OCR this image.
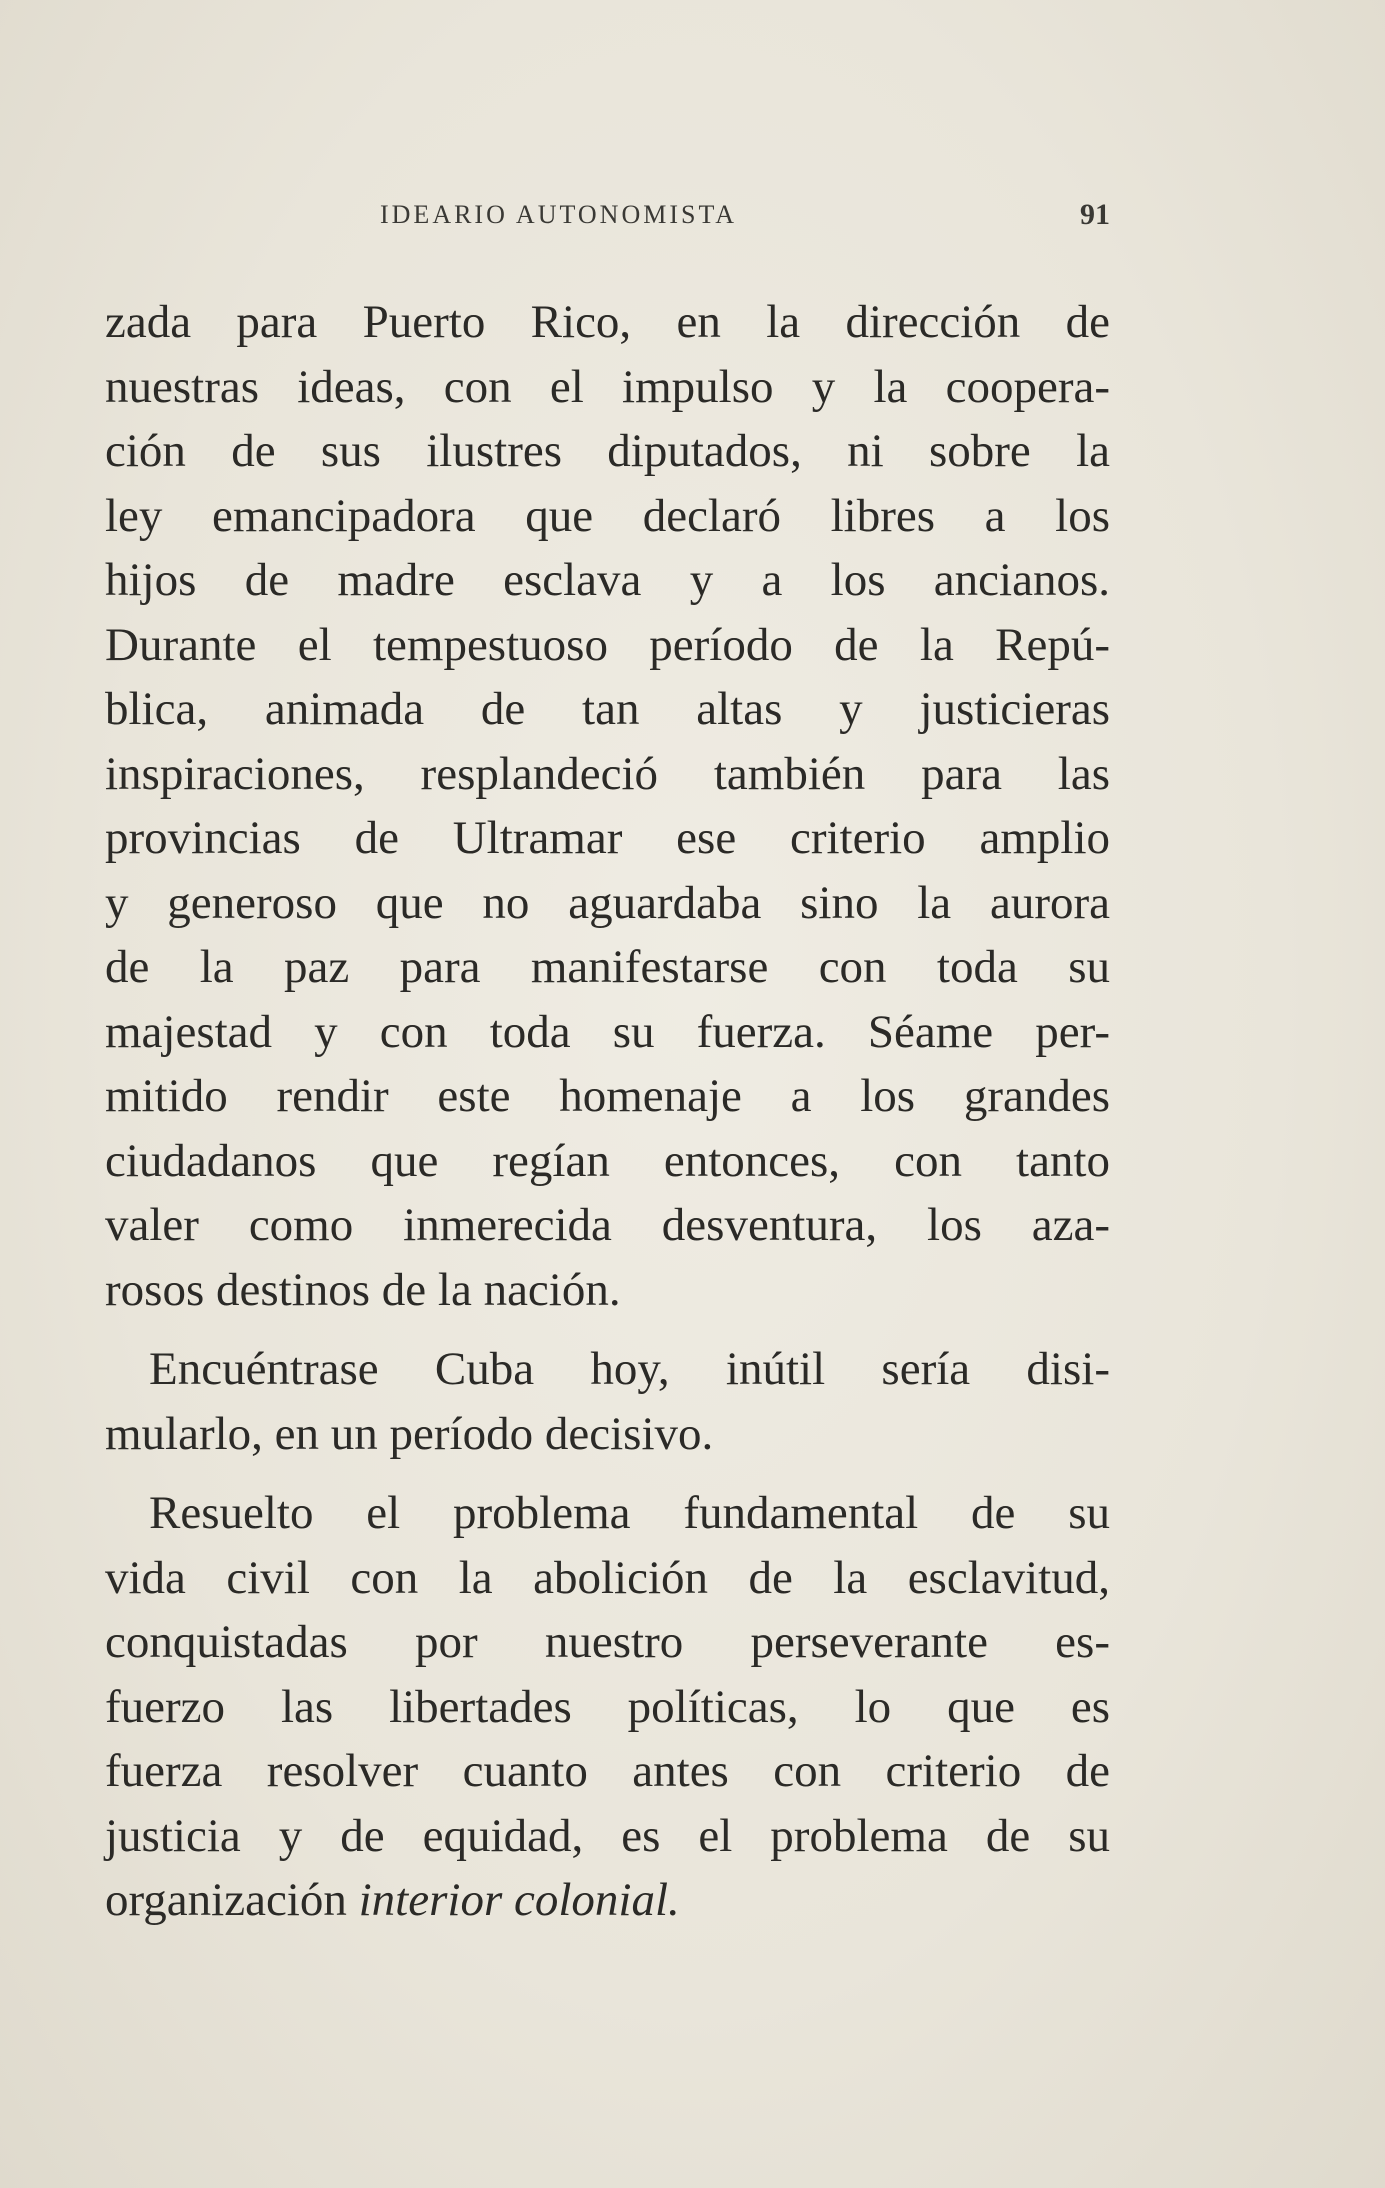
IDEARIO AUTONOMISTA	91
zada para Puerto Rico, en la dirección de
nuestras ideas, con el impulso y la coopera-
ción de sus ilustres diputados, ni sobre la
ley emancipadora que declaró libres a los
hijos de madre esclava y a los ancianos.
Durante el tempestuoso período de la Repú-
blica, animada de tan altas y justicieras
inspiraciones, resplandeció también para las
provincias de Ultramar ese criterio amplio
y generoso que no aguardaba sino la aurora
de la paz para manifestarse con toda su
majestad y con toda su fuerza. Séame per-
mitido rendir este homenaje a los grandes
ciudadanos que regían entonces, con tanto
valer como inmerecida desventura, los aza-
rosos destinos de la nación.
Encuéntrase Cuba hoy, inútil sería disi-
mularlo, en un período decisivo.
Resuelto el problema fundamental de su
vida civil con la abolición de la esclavitud,
conquistadas por nuestro perseverante es-
fuerzo las libertades políticas, lo que es
fuerza resolver cuanto antes con criterio de
justicia y de equidad, es el problema de su
organización interior colonial.
